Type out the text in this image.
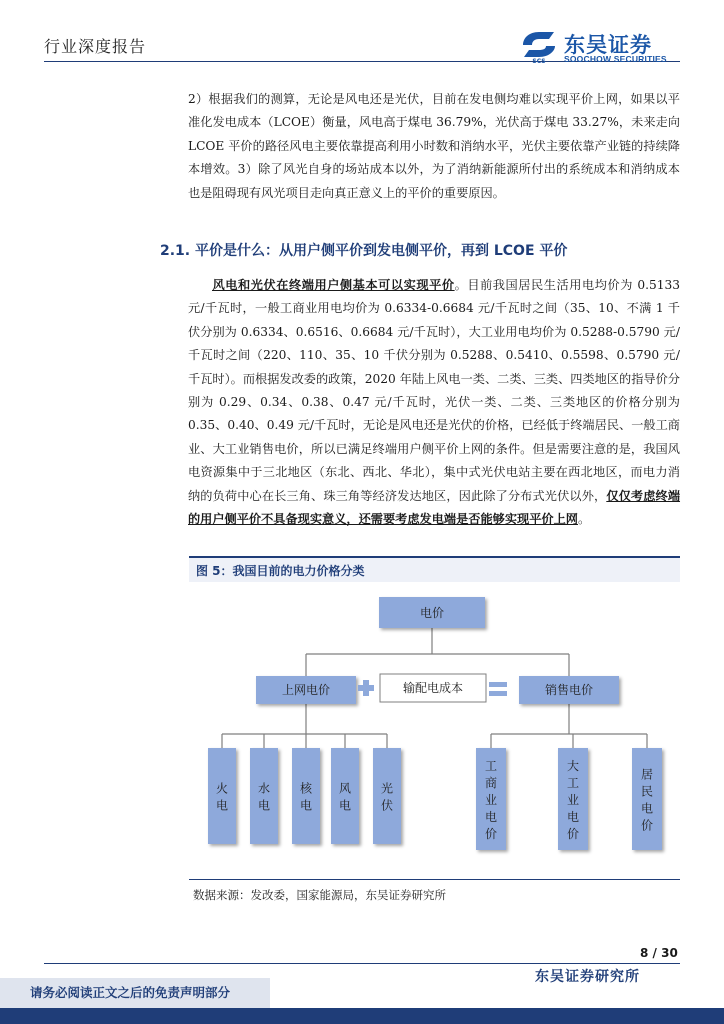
行业深度报告
SCS
东吴证券
SOOCHOW SECURITIES

2）根据我们的测算，无论是风电还是光伏，目前在发电侧均难以实现平价上网，如果以平准化发电成本（LCOE）衡量，风电高于煤电 36.79%，光伏高于煤电 33.27%，未来走向 LCOE 平价的路径风电主要依靠提高利用小时数和消纳水平，光伏主要依靠产业链的持续降本增效。3）除了风光自身的场站成本以外，为了消纳新能源所付出的系统成本和消纳成本也是阻碍现有风光项目走向真正意义上的平价的重要原因。

2.1. 平价是什么：从用户侧平价到发电侧平价，再到 LCOE 平价

风电和光伏在终端用户侧基本可以实现平价。目前我国居民生活用电均价为 0.5133 元/千瓦时，一般工商业用电均价为 0.6334-0.6684 元/千瓦时之间（35、10、不满 1 千伏分别为 0.6334、0.6516、0.6684 元/千瓦时），大工业用电均价为 0.5288-0.5790 元/千瓦时之间（220、110、35、10 千伏分别为 0.5288、0.5410、0.5598、0.5790 元/千瓦时）。而根据发改委的政策，2020 年陆上风电一类、二类、三类、四类地区的指导价分别为 0.29、0.34、0.38、0.47 元/千瓦时，光伏一类、二类、三类地区的价格分别为 0.35、0.40、0.49 元/千瓦时，无论是风电还是光伏的价格，已经低于终端居民、一般工商业、大工业销售电价，所以已满足终端用户侧平价上网的条件。但是需要注意的是，我国风电资源集中于三北地区（东北、西北、华北），集中式光伏电站主要在西北地区，而电力消纳的负荷中心在长三角、珠三角等经济发达地区，因此除了分布式光伏以外，仅仅考虑终端的用户侧平价不具备现实意义，还需要考虑发电端是否能够实现平价上网。

图 5：我国目前的电力价格分类
电价
上网电价	+	输配电成本	=	销售电价
火电
水电
核电
风电
光伏
工商业电价
大工业电价
居民电价
数据来源：发改委，国家能源局，东吴证券研究所
8 / 30
东吴证券研究所
请务必阅读正文之后的免责声明部分
